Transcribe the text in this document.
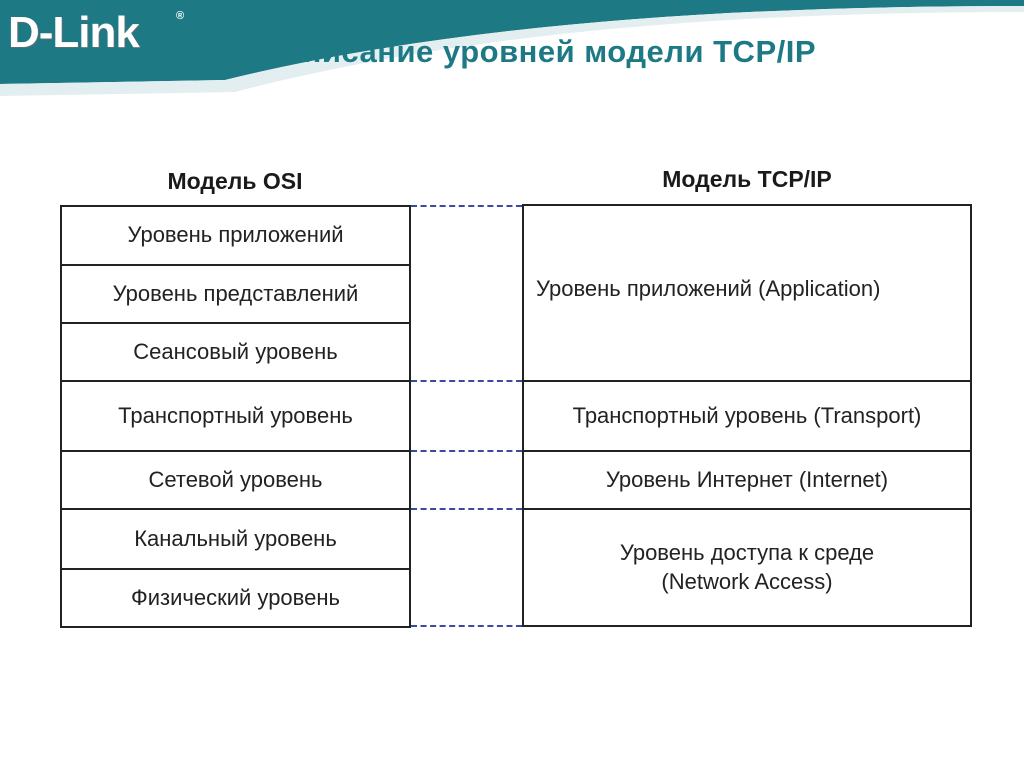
D-Link	®
Описание уровней модели TCP/IP
Модель OSI	Модель TCP/IP
Уровень приложений
Уровень представлений
Сеансовый уровень
Транспортный уровень
Сетевой уровень
Канальный уровень
Физический уровень
Уровень приложений (Application)
Транспортный уровень (Transport)
Уровень Интернет (Internet)
Уровень доступа к среде
(Network Access)
